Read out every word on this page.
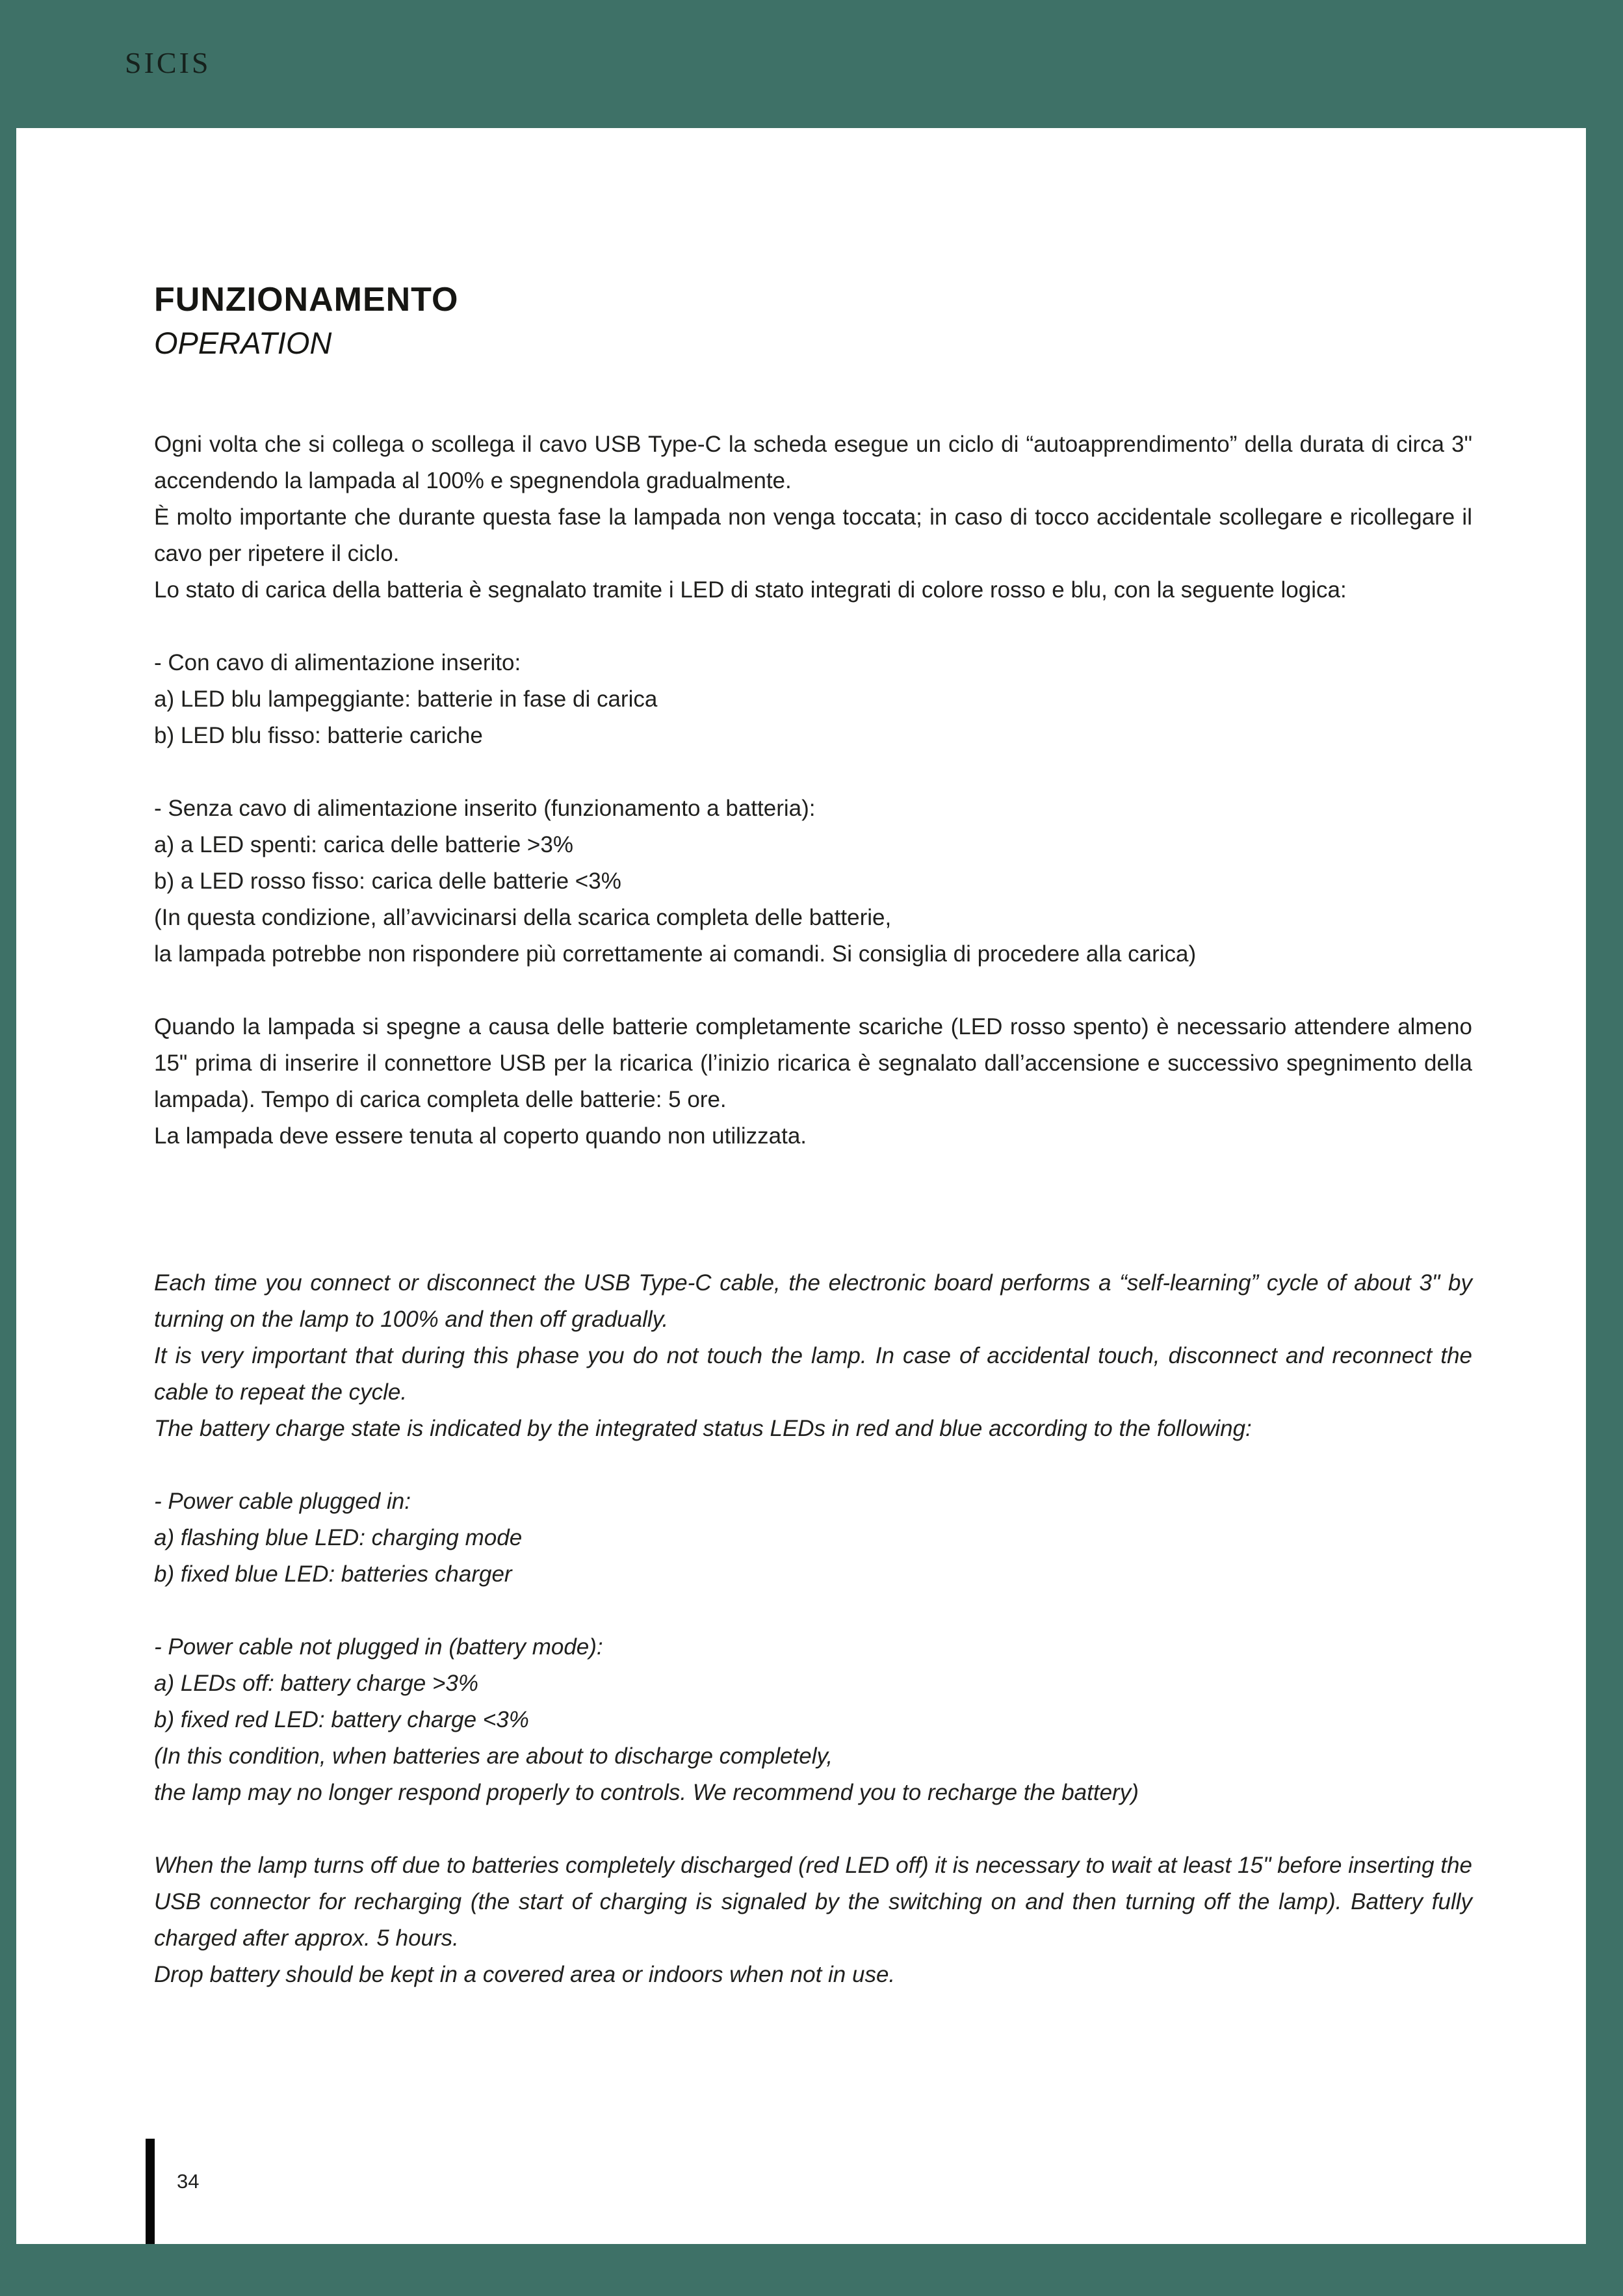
SICIS
FUNZIONAMENTO
OPERATION

Ogni volta che si collega o scollega il cavo USB Type-C la scheda esegue un ciclo di “autoapprendimento” della durata di circa 3" accendendo la lampada al 100% e spegnendola gradualmente.

È molto importante che durante questa fase la lampada non venga toccata; in caso di tocco accidentale scollegare e ricollegare il cavo per ripetere il ciclo.

Lo stato di carica della batteria è segnalato tramite i LED di stato integrati di colore rosso e blu, con la seguente logica:

- Con cavo di alimentazione inserito:

a) LED blu lampeggiante: batterie in fase di carica

b) LED blu fisso: batterie cariche

- Senza cavo di alimentazione inserito (funzionamento a batteria):

a) a LED spenti: carica delle batterie >3%

b) a LED rosso fisso: carica delle batterie <3%

(In questa condizione, all’avvicinarsi della scarica completa delle batterie,

la lampada potrebbe non rispondere più correttamente ai comandi. Si consiglia di procedere alla carica)

Quando la lampada si spegne a causa delle batterie completamente scariche (LED rosso spento) è necessario attendere almeno 15" prima di inserire il connettore USB per la ricarica (l’inizio ricarica è segnalato dall’accensione e successivo spegnimento della lampada). Tempo di carica completa delle batterie: 5 ore.

La lampada deve essere tenuta al coperto quando non utilizzata.

Each time you connect or disconnect the USB Type-C cable, the electronic board performs a “self-learning” cycle of about 3" by turning on the lamp to 100% and then off gradually.

It is very important that during this phase you do not touch the lamp. In case of accidental touch, disconnect and reconnect the cable to repeat the cycle.

The battery charge state is indicated by the integrated status LEDs in red and blue according to the following:

- Power cable plugged in:

a) flashing blue LED: charging mode

b) fixed blue LED: batteries charger

- Power cable not plugged in (battery mode):

a) LEDs off: battery charge >3%

b) fixed red LED: battery charge <3%

(In this condition, when batteries are about to discharge completely,

the lamp may no longer respond properly to controls. We recommend you to recharge the battery)

When the lamp turns off due to batteries completely discharged (red LED off) it is necessary to wait at least 15" before inserting the USB connector for recharging (the start of charging is signaled by the switching on and then turning off the lamp). Battery fully charged after approx. 5 hours.

Drop battery should be kept in a covered area or indoors when not in use.

34
